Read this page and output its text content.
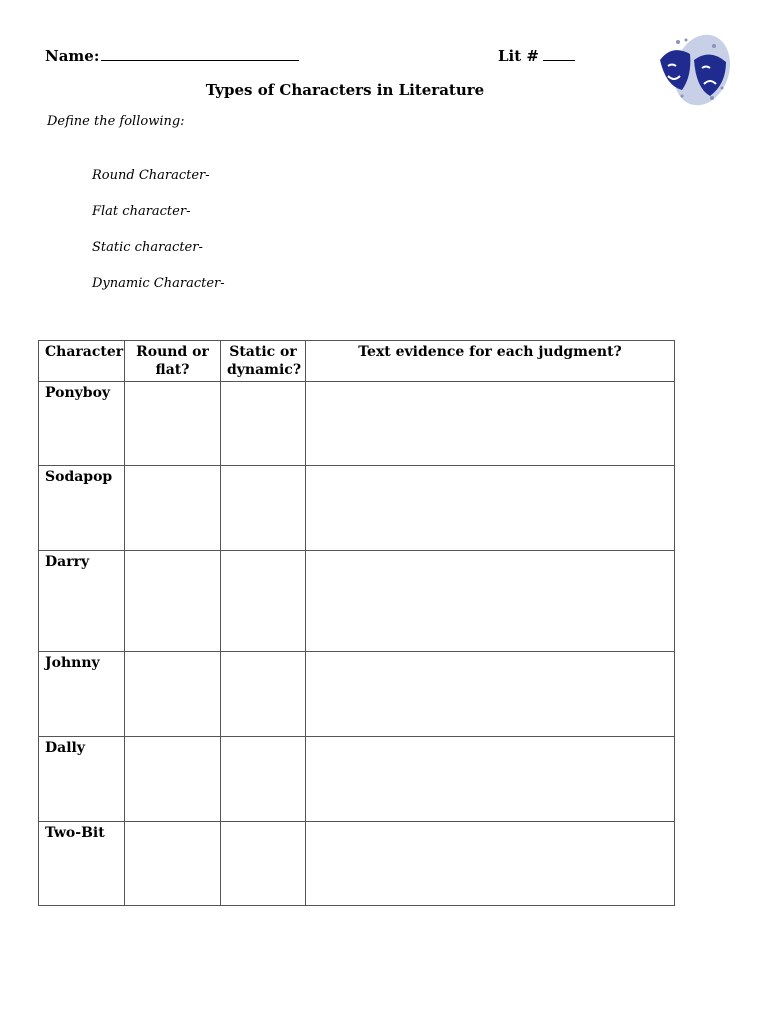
Name:	Lit #
Types of Characters in Literature
Define the following:
Round Character-
Flat character-
Static character-
Dynamic Character-
Character	Round or flat?	Static or dynamic?	Text evidence for each judgment?
Ponyboy			
Sodapop			
Darry			
Johnny			
Dally			
Two-Bit			
